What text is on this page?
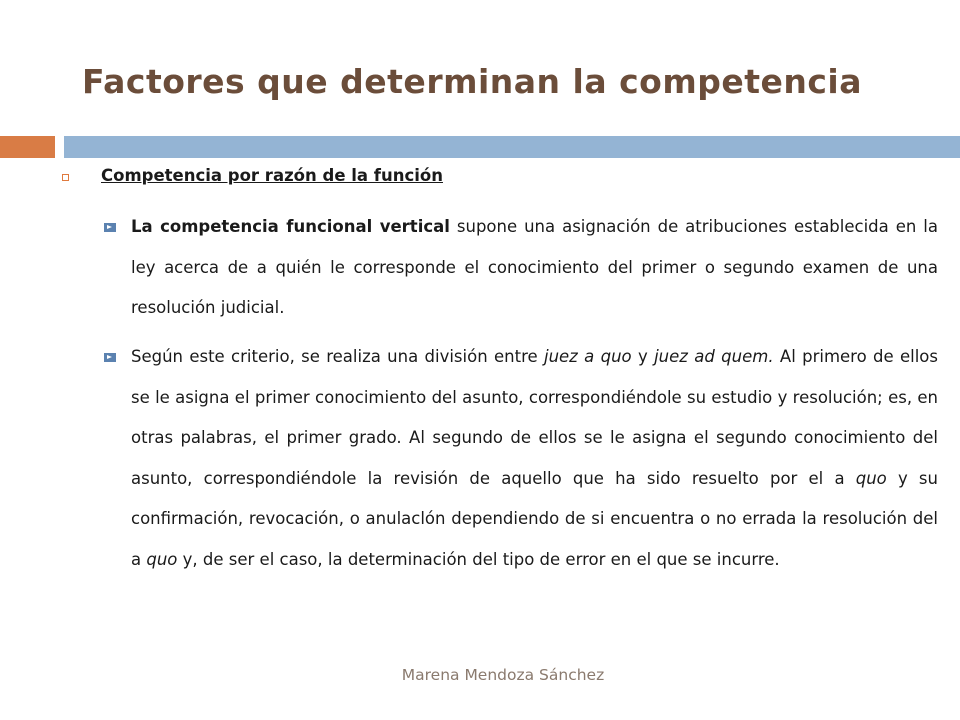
Factores que determinan la competencia
Competencia por razón de la función

La competencia funcional vertical supone una asignación de atribuciones establecida en la ley acerca de a quién le corresponde el conocimiento del primer o segundo examen de una resolución judicial.

Según este criterio, se realiza una división entre juez a quo y juez ad quem. Al primero de ellos se le asigna el primer conocimiento del asunto, correspondiéndole su estudio y resolución; es, en otras palabras, el primer grado. Al segundo de ellos se le asigna el segundo conocimiento del asunto, correspondiéndole la revisión de aquello que ha sido resuelto por el a quo y su confirmación, revocación, o anulaclón dependiendo de si encuentra o no errada la resolución del a quo y, de ser el caso, la determinación del tipo de error en el que se incurre.

Marena Mendoza Sánchez
